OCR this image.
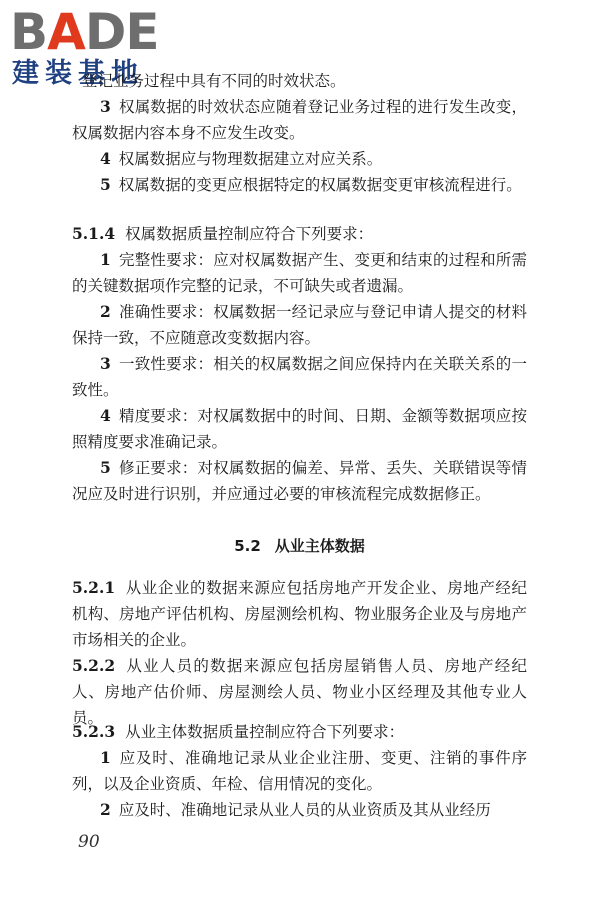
BADE
建装基地
登记业务过程中具有不同的时效状态。
3 权属数据的时效状态应随着登记业务过程的进行发生改变，权属数据内容本身不应发生改变。
4 权属数据应与物理数据建立对应关系。
5 权属数据的变更应根据特定的权属数据变更审核流程进行。
5.1.4 权属数据质量控制应符合下列要求：
1 完整性要求：应对权属数据产生、变更和结束的过程和所需的关键数据项作完整的记录，不可缺失或者遗漏。
2 准确性要求：权属数据一经记录应与登记申请人提交的材料保持一致，不应随意改变数据内容。
3 一致性要求：相关的权属数据之间应保持内在关联关系的一致性。
4 精度要求：对权属数据中的时间、日期、金额等数据项应按照精度要求准确记录。
5 修正要求：对权属数据的偏差、异常、丢失、关联错误等情况应及时进行识别，并应通过必要的审核流程完成数据修正。
5.2 从业主体数据
5.2.1 从业企业的数据来源应包括房地产开发企业、房地产经纪机构、房地产评估机构、房屋测绘机构、物业服务企业及与房地产市场相关的企业。
5.2.2 从业人员的数据来源应包括房屋销售人员、房地产经纪人、房地产估价师、房屋测绘人员、物业小区经理及其他专业人员。
5.2.3 从业主体数据质量控制应符合下列要求：
1 应及时、准确地记录从业企业注册、变更、注销的事件序列，以及企业资质、年检、信用情况的变化。
2 应及时、准确地记录从业人员的从业资质及其从业经历
90
